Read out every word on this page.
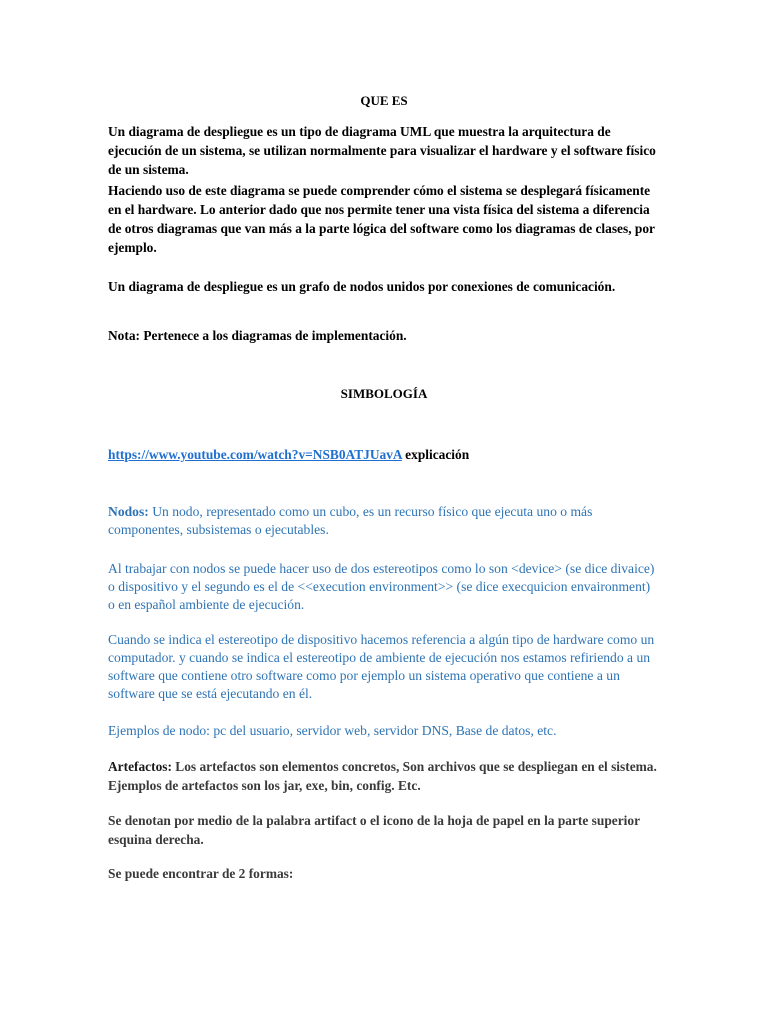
QUE ES

Un diagrama de despliegue es un tipo de diagrama UML que muestra la arquitectura de ejecución de un sistema, se utilizan normalmente para visualizar el hardware y el software físico de un sistema.

Haciendo uso de este diagrama se puede comprender cómo el sistema se desplegará físicamente en el hardware. Lo anterior dado que nos permite tener una vista física del sistema a diferencia de otros diagramas que van más a la parte lógica del software como los diagramas de clases, por ejemplo.

Un diagrama de despliegue es un grafo de nodos unidos por conexiones de comunicación.

Nota: Pertenece a los diagramas de implementación.

SIMBOLOGÍA

https://www.youtube.com/watch?v=NSB0ATJUavA explicación

Nodos: Un nodo, representado como un cubo, es un recurso físico que ejecuta uno o más componentes, subsistemas o ejecutables.

Al trabajar con nodos se puede hacer uso de dos estereotipos como lo son <device> (se dice divaice) o dispositivo y el segundo es el de <<execution environment>> (se dice execquicion envaironment) o en español ambiente de ejecución.

Cuando se indica el estereotipo de dispositivo hacemos referencia a algún tipo de hardware como un computador. y cuando se indica el estereotipo de ambiente de ejecución nos estamos refiriendo a un software que contiene otro software como por ejemplo un sistema operativo que contiene a un software que se está ejecutando en él.

Ejemplos de nodo: pc del usuario, servidor web, servidor DNS, Base de datos, etc.

Artefactos: Los artefactos son elementos concretos, Son archivos que se despliegan en el sistema. Ejemplos de artefactos son los jar, exe, bin, config. Etc.

Se denotan por medio de la palabra artifact o el icono de la hoja de papel en la parte superior esquina derecha.

Se puede encontrar de 2 formas:
